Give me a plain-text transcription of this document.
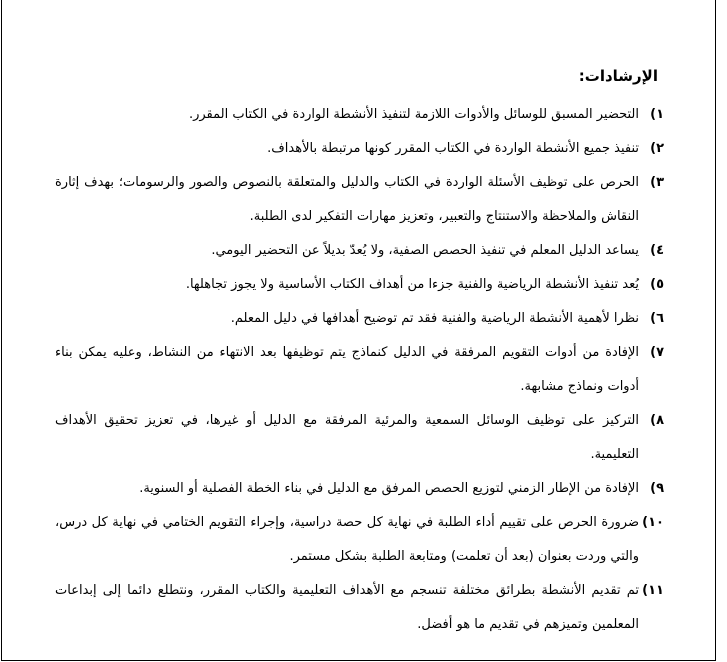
الإرشادات:
١)
التحضير المسبق للوسائل والأدوات اللازمة لتنفيذ الأنشطة الواردة في الكتاب المقرر.
٢)
تنفيذ جميع الأنشطة الواردة في الكتاب المقرر كونها مرتبطة بالأهداف.
٣)
الحرص على توظيف الأسئلة الواردة في الكتاب والدليل والمتعلقة بالنصوص والصور والرسومات؛ بهدف إثارة النقاش والملاحظة والاستنتاج والتعبير، وتعزيز مهارات التفكير لدى الطلبة.
٤)
يساعد الدليل المعلم في تنفيذ الحصص الصفية، ولا يُعدّ بديلاً عن التحضير اليومي.
٥)
يُعد تنفيذ الأنشطة الرياضية والفنية جزءا من أهداف الكتاب الأساسية ولا يجوز تجاهلها.
٦)
نظرا لأهمية الأنشطة الرياضية والفنية فقد تم توضيح أهدافها في دليل المعلم.
٧)
الإفادة من أدوات التقويم المرفقة في الدليل كنماذج يتم توظيفها بعد الانتهاء من النشاط، وعليه يمكن بناء أدوات ونماذج مشابهة.
٨)
التركيز على توظيف الوسائل السمعية والمرئية المرفقة مع الدليل أو غيرها، في تعزيز تحقيق الأهداف التعليمية.
٩)
الإفادة من الإطار الزمني لتوزيع الحصص المرفق مع الدليل في بناء الخطة الفصلية أو السنوية.
١٠)
ضرورة الحرص على تقييم أداء الطلبة في نهاية كل حصة دراسية، وإجراء التقويم الختامي في نهاية كل درس، والتي وردت بعنوان (بعد أن تعلمت) ومتابعة الطلبة بشكل مستمر.
١١)
تم تقديم الأنشطة بطرائق مختلفة تنسجم مع الأهداف التعليمية والكتاب المقرر، ونتطلع دائما إلى إبداعات المعلمين وتميزهم في تقديم ما هو أفضل.
